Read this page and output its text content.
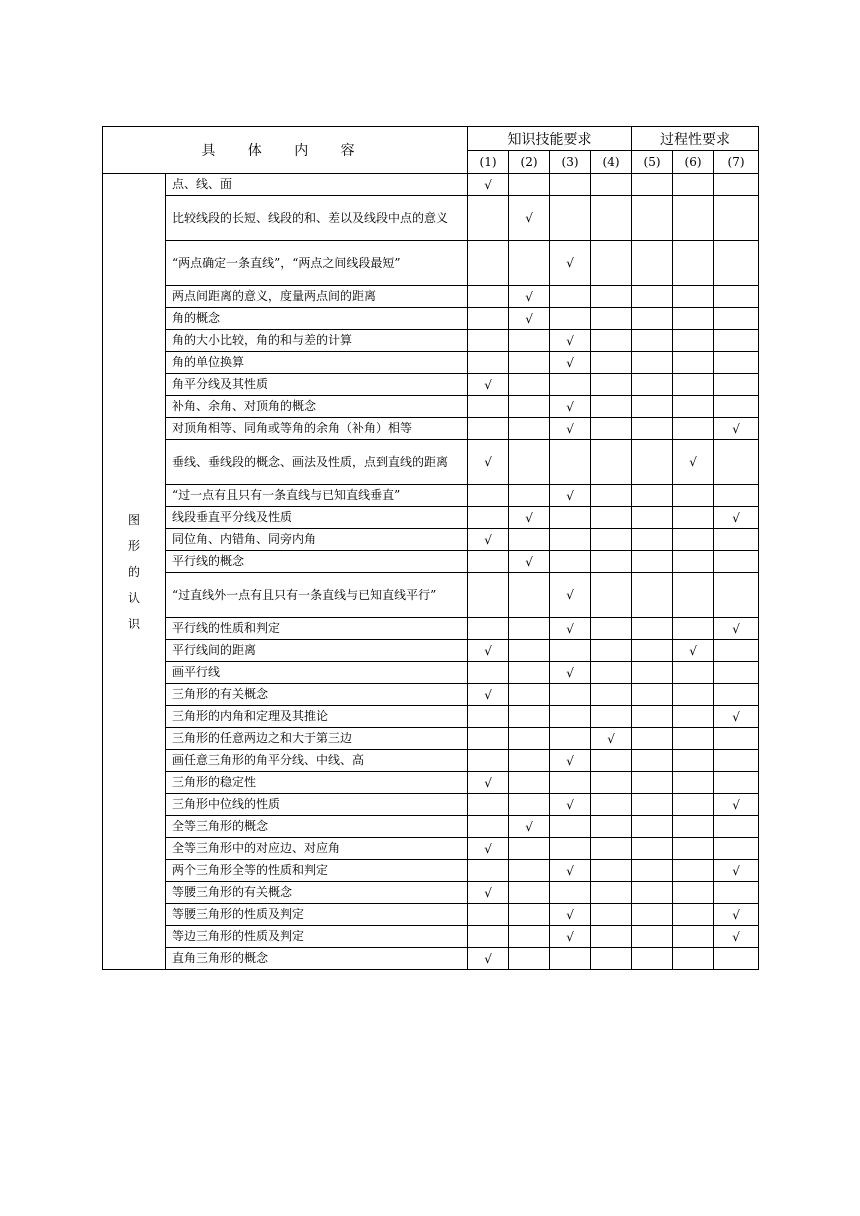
具 体 内 容		知识技能要求				过程性要求		
		(1)	(2)	(3)	(4)	(5)	(6)	(7)

图
形
的
认
识	点、线、面	√						
	比较线段的长短、线段的和、差以及线段中点的意义		√					
	“两点确定一条直线”，“两点之间线段最短”			√				
	两点间距离的意义，度量两点间的距离		√					
	角的概念		√					
	角的大小比较，角的和与差的计算			√				
	角的单位换算			√				
	角平分线及其性质	√						
	补角、余角、对顶角的概念			√				
	对顶角相等、同角或等角的余角（补角）相等			√				√
	垂线、垂线段的概念、画法及性质，点到直线的距离	√					√	
	“过一点有且只有一条直线与已知直线垂直”			√				
	线段垂直平分线及性质		√					√
	同位角、内错角、同旁内角	√						
	平行线的概念		√					
	“过直线外一点有且只有一条直线与已知直线平行”			√				
	平行线的性质和判定			√				√
	平行线间的距离	√					√	
	画平行线			√				
	三角形的有关概念	√						
	三角形的内角和定理及其推论							√
	三角形的任意两边之和大于第三边				√			
	画任意三角形的角平分线、中线、高			√				
	三角形的稳定性	√						
	三角形中位线的性质			√				√
	全等三角形的概念		√					
	全等三角形中的对应边、对应角	√						
	两个三角形全等的性质和判定			√				√
	等腰三角形的有关概念	√						
	等腰三角形的性质及判定			√				√
	等边三角形的性质及判定			√				√
	直角三角形的概念	√						
